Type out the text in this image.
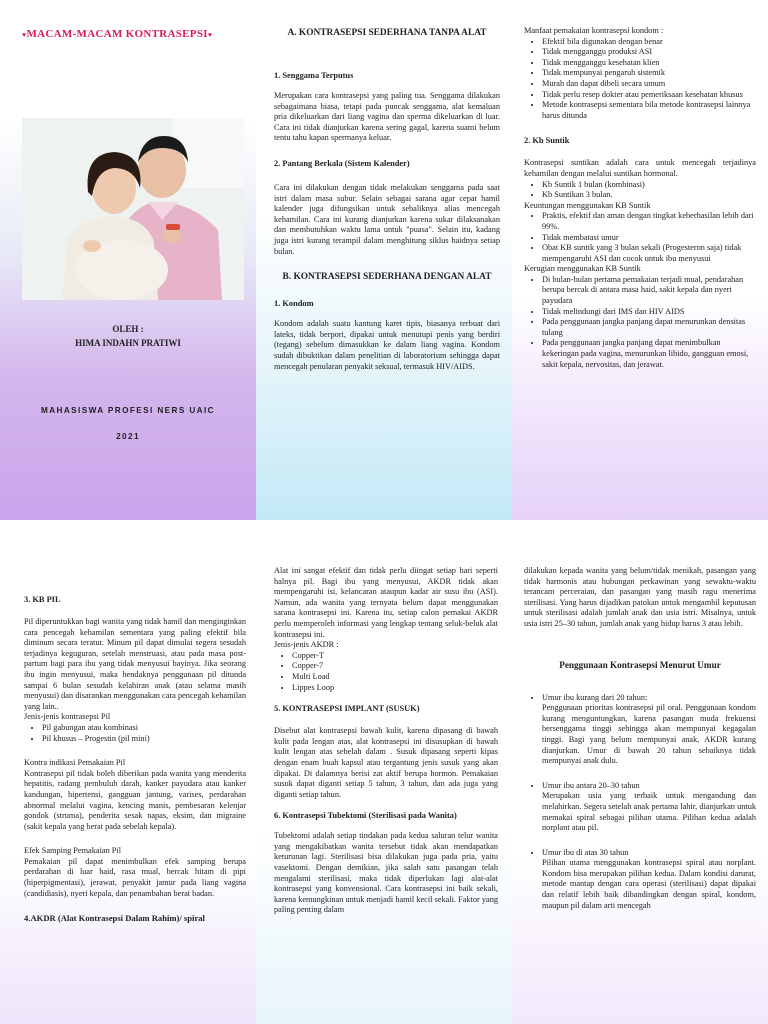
♥MACAM-MACAM KONTRASEPSI♥
OLEH :
HIMA INDAHN PRATIWI
MAHASISWA PROFESI NERS UAIC
2021

A. KONTRASEPSI SEDERHANA TANPA ALAT

1. Senggama Terputus

Merupakan cara kontrasepsi yang paling tua. Senggama dilakukan sebagaimana biasa, tetapi pada puncak senggama, alat kemaluan pria dikeluarkan dari liang vagina dan sperma dikeluarkan di luar. Cara ini tidak dianjurkan karena sering gagal, karena suami belum tentu tahu kapan spermanya keluar.

2. Pantang Berkala (Sistem Kalender)

Cara ini dilakukan dengan tidak melakukan senggama pada saat istri dalam masa subur. Selain sebagai sarana agar cepat hamil kalender juga difungsikan untuk sebaliknya alias mencegah kehamilan. Cara ini kurang dianjurkan karena sukar dilaksanakan dan membutuhkan waktu lama untuk "puasa". Selain itu, kadang juga istri kurang terampil dalam menghitung siklus haidnya setiap bulan.

B. KONTRASEPSI SEDERHANA DENGAN ALAT

1. Kondom

Kondom adalah suatu kantung karet tipis, biasanya terbuat dari lateks, tidak berpori, dipakai untuk menutupi penis yang berdiri (tegang) sebelum dimasukkan ke dalam liang vagina. Kondom sudah dibuktikan dalam penelitian di laboratorium sehingga dapat mencegah penularan penyakit seksual, termasuk HIV/AIDS.

Manfaat pemakaian kontrasepsi kondom :

• Efektif bila digunakan dengan benar
• Tidak mengganggu produksi ASI
• Tidak mengganggu kesehatan klien
• Tidak mempunyai pengaruh sistemik
• Murah dan dapat dibeli secara umum
• Tidak perlu resep dokter atau pemeriksaan kesehatan khusus
• Metode kontrasepsi sementara bila metode kontrasepsi lainnya harus ditunda

2. Kb Suntik

Kontrasepsi suntikan adalah cara untuk mencegah terjadinya kehamilan dengan melalui suntikan hormonal.

• Kb Suntik 1 bulan (kombinasi)
• Kb Suntikan 3 bulan.

Keuntungan menggunakan KB Suntik

• Praktis, efektif dan aman dengan tingkat keberhasilan lebih dari 99%.
• Tidak membatasi umur
• Obat KB suntik yang 3 bulan sekali (Progesteron saja) tidak mempengaruhi ASI dan cocok untuk ibu menyusui

Kerugian menggunakan KB Suntik

• Di bulan-bulan pertama pemakaian terjadi mual, pendarahan berupa bercak di antara masa haid, sakit kepala dan nyeri payudara
• Tidak melindungi dari IMS dan HIV AIDS
• Pada penggunaan jangka panjang dapat menurunkan densitas tulang
• Pada penggunaan jangka panjang dapat menimbulkan kekeringan pada vagina, menurunkan libido, gangguan emosi, sakit kepala, nervositas, dan jerawat.

3. KB PIL

Pil diperuntukkan bagi wanita yang tidak hamil dan menginginkan cara pencegah kehamilan sementara yang paling efektif bila diminum secara teratur. Minum pil dapat dimulai segera sesudah terjadinya keguguran, setelah menstruasi, atau pada masa post-partum bagi para ibu yang tidak menyusui bayinya. Jika seorang ibu ingin menyusui, maka hendaknya penggunaan pil ditunda sampai 6 bulan sesudah kelahiran anak (atau selama masih menyusui) dan disarankan menggunakan cara pencegah kehamilan yang lain..

Jenis-jenis kontrasepsi Pil

• Pil gabungan atau kombinasi
• Pil khusus – Progestin (pil mini)

Kontra indikasi Pemakaian Pil

Kontrasepsi pil tidak boleh diberikan pada wanita yang menderita hepatitis, radang pembuluh darah, kanker payudara atau kanker kandungan, hipertensi, gangguan jantung, varises, perdarahan abnormal melalui vagina, kencing manis, pembesaran kelenjar gondok (struma), penderita sesak napas, eksim, dan migraine (sakit kepala yang berat pada sebelah kepala).

Efek Samping Pemakaian Pil

Pemakaian pil dapat menimbulkan efek samping berupa perdarahan di luar haid, rasa mual, bercak hitam di pipi (hiperpigmentasi), jerawat, penyakit jamur pada liang vagina (candidiasis), nyeri kepala, dan penambahan berat badan.

4.AKDR (Alat Kontrasepsi Dalam Rahim)/ spiral

Alat ini sangat efektif dan tidak perlu diingat setiap hari seperti halnya pil. Bagi ibu yang menyusui, AKDR tidak akan mempengaruhi isi, kelancaran ataupun kadar air susu ibu (ASI). Namun, ada wanita yang ternyata belum dapat menggunakan sarana kontrasepsi ini. Karena itu, setiap calon pemakai AKDR perlu memperoleh informasi yang lengkap tentang seluk-beluk alat kontrasepsi ini.

Jenis-jenis AKDR :

• Copper-T
• Copper-7
• Multi Load
• Lippes Loop

5. KONTRASEPSI IMPLANT (SUSUK)

Disebut alat kontrasepsi bawah kulit, karena dipasang di bawah kulit pada lengan atas, alat kontrasepsi ini disusupkan di bawah kulit lengan atas sebelah dalam . Susuk dipasang seperti kipas dengan enam buah kapsul atau tergantung jenis susuk yang akan dipakai. Di dalamnya berisi zat aktif berupa hormon. Pemakaian susuk dapat diganti setiap 5 tahun, 3 tahun, dan ada juga yang diganti setiap tahun.

6. Kontrasepsi Tubektomi (Sterilisasi pada Wanita)

Tubektomi adalah setiap tindakan pada kedua saluran telur wanita yang mengakibatkan wanita tersebut tidak akan mendapatkan keturunan lagi. Sterilisasi bisa dilakukan juga pada pria, yaitu vasektomi. Dengan demikian, jika salah satu pasangan telah mengalami sterilisasi, maka tidak diperlukan lagi alat-alat kontrasepsi yang konvensional. Cara kontrasepsi ini baik sekali, karena kemungkinan untuk menjadi hamil kecil sekali. Faktor yang paling penting dalam

dilakukan kepada wanita yang belum/tidak menikah, pasangan yang tidak harmonis atau hubungan perkawinan yang sewaktu-waktu terancam perceraian, dan pasangan yang masih ragu menerima sterilisasi. Yang harus dijadikan patokan untuk mengambil keputusan untuk sterilisasi adalah jumlah anak dan usia istri. Misalnya, untuk usia istri 25–30 tahun, jumlah anak yang hidup harus 3 atau lebih.

Penggunaan Kontrasepsi Menurut Umur

• Umur ibu kurang dari 20 tahun:
Penggunaan prioritas kontrasepsi pil oral. Penggunaan kondom kurang menguntungkan, karena pasangan muda frekuensi bersenggama tinggi sehingga akan mempunyai kegagalan tinggi. Bagi yang belum mempunyai anak, AKDR kurang dianjurkan. Umur di bawah 20 tahun sebaiknya tidak mempunyai anak dulu.
• Umur ibu antara 20–30 tahun
Merupakan usia yang terbaik untuk mengandung dan melahirkan. Segera setelah anak pertama lahir, dianjurkan untuk memakai spiral sebagai pilihan utama. Pilihan kedua adalah norplant atau pil.
• Umur ibu di atas 30 tahun
Pilihan utama menggunakan kontrasepsi spiral atau norplant. Kondom bisa merupakan pilihan kedua. Dalam kondisi darurat, metode mantap dengan cara operasi (sterilisasi) dapat dipakai dan relatif lebih baik dibandingkan dengan spiral, kondom, maupun pil dalam arti mencegah
